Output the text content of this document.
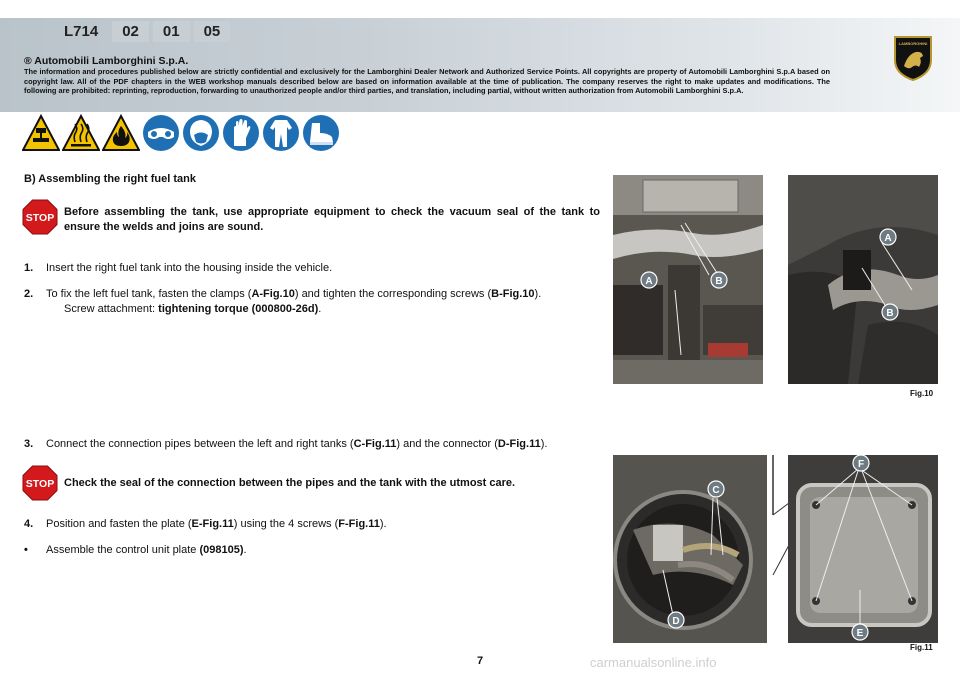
L714	02	01	05
® Automobili Lamborghini S.p.A.
The information and procedures published below are strictly confidential and exclusively for the Lamborghini Dealer Network and Authorized Service Points. All copyrights are property of Automobili Lamborghini S.p.A based on copyright law. All of the PDF chapters in the WEB workshop manuals described below are based on information available at the time of publication. The company reserves the right to make updates and modifications. The following are prohibited: reprinting, reproduction, forwarding to unauthorized people and/or third parties, and translation, including partial, without written authorization from Automobili Lamborghini S.p.A.
LAMBORGHINI
B) Assembling the right fuel tank
STOP Before assembling the tank, use appropriate equipment to check the vacuum seal of the tank to ensure the welds and joins are sound.
1. Insert the right fuel tank into the housing inside the vehicle.
2. To fix the left fuel tank, fasten the clamps (A-Fig.10) and tighten the corresponding screws (B-Fig.10).
Screw attachment: tightening torque (000800-26d).
3. Connect the connection pipes between the left and right tanks (C-Fig.11) and the connector (D-Fig.11).
STOP Check the seal of the connection between the pipes and the tank with the utmost care.
4. Position and fasten the plate (E-Fig.11) using the 4 screws (F-Fig.11).
• Assemble the control unit plate (098105).
A	B
A
B
Fig.10
C
D
F
E
Fig.11
7	carmanualsonline.info
